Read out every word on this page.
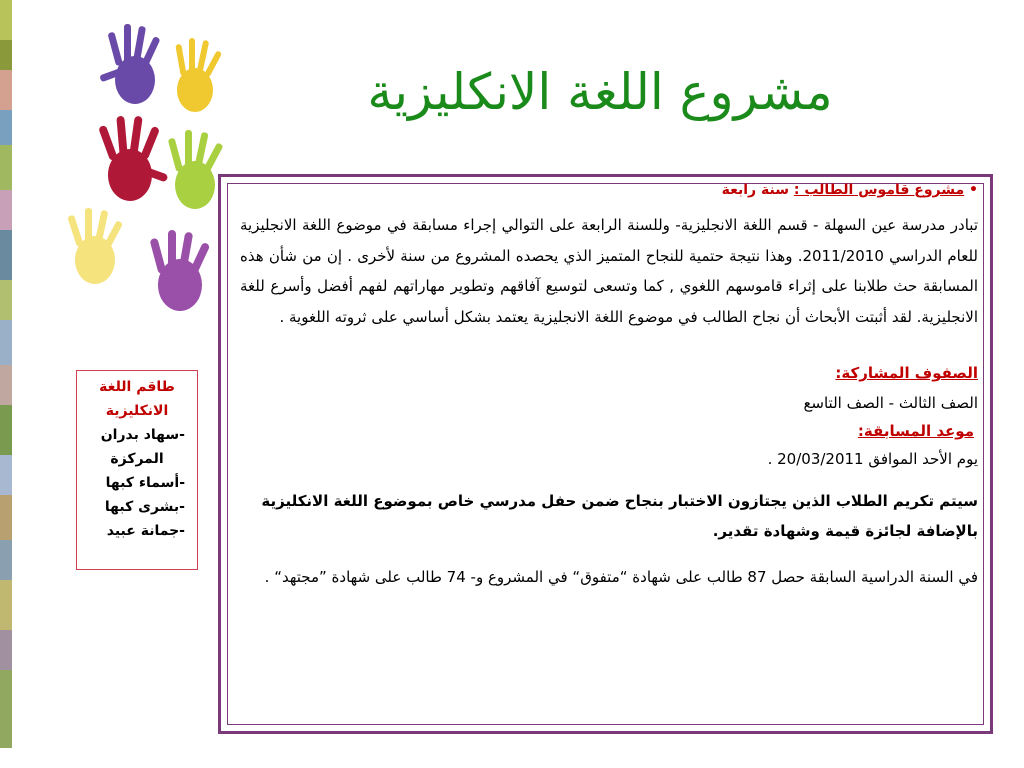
مشروع اللغة الانكليزية
طاقم اللغة
الانكليزية
-سهاد بدران
المركزة
-أسماء كبها
-بشرى كبها
-جمانة عبيد

• مشروع قاموس الطالب : سنة رابعة

تبادر مدرسة عين السهلة - قسم اللغة الانجليزية- وللسنة الرابعة على التوالي إجراء مسابقة في موضوع اللغة الانجليزية للعام الدراسي 2011/2010. وهذا نتيجة حتمية للنجاح المتميز الذي يحصده المشروع من سنة لأخرى . إن من شأن هذه المسابقة حث طلابنا على إثراء قاموسهم اللغوي , كما وتسعى لتوسيع آفاقهم وتطوير مهاراتهم لفهم أفضل وأسرع للغة الانجليزية. لقد أثبتت الأبحاث أن نجاح الطالب في موضوع اللغة الانجليزية يعتمد بشكل أساسي على ثروته اللغوية .

الصفوف المشاركة:

الصف الثالث - الصف التاسع

موعد المسابقة:

يوم الأحد الموافق 20/03/2011 .

سيتم تكريم الطلاب الذين يجتازون الاختبار بنجاح ضمن حفل مدرسي خاص بموضوع اللغة الانكليزية بالإضافة لجائزة قيمة وشهادة تقدير.

في السنة الدراسية السابقة حصل 87 طالب على شهادة “متفوق“ في المشروع و- 74 طالب على شهادة ”مجتهد“ .
